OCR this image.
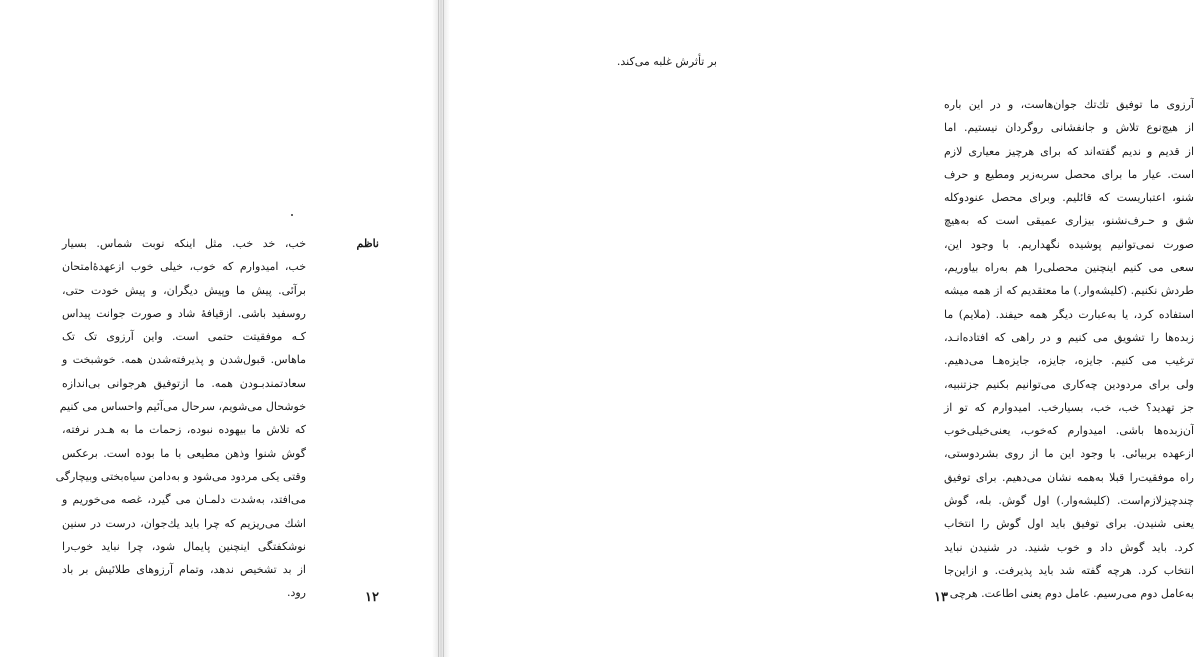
ناظم
خب، خد خب. مثل اینکه نوبت شماس. بسیار
خب، امیدوارم که خوب، خیلی خوب ازعهدۀامتحان
برآئی. پیش ما وپیش دیگران، و پیش خودت حتی،
روسفید باشی. ازقیافۀ شاد و صورت جوانت پیداس
کـه موفقیتت حتمی است. واین آرزوی تک تک
ماهاس. قبول‌شدن و پذیرفته‌شدن همه. خوشبخت و
سعادتمندبـودن همه. ما ازتوفیق هرجوانی بی‌اندازه
خوشحال می‌شویم، سرحال می‌آئیم واحساس می کنیم
که تلاش ما بیهوده نبوده، زحمات ما به هـدر نرفته،
گوش شنوا وذهن مطیعی با ما بوده است. برعکس
وقتی یکی مردود می‌شود و به‌دامن سیاه‌بختی وبیچارگی
می‌افتد، به‌شدت دلمـان می گیرد، غصه می‌خوریم و
اشك می‌ریزیم که چرا باید یك‌جوان، درست در سنین
نوشکفتگی اینچنین پایمال شود، چرا نباید خوب‌را
از بد تشخیص ندهد، وتمام آرزوهای طلائیش بر باد
رود.	۱۲
بر تأثرش غلبه می‌کند.
آرزوی ما توفیق تك‌تك جوان‌هاست، و در این باره
از هیچ‌نوع تلاش و جانفشانی روگردان نیستیم. اما
از قدیم و ندیم گفته‌اند که برای هرچیز معیاری لازم
است. عیار ما برای محصل سربه‌زیر ومطیع و حرف
شنو، اعتباریست که قائلیم. وبرای محصل عنودوکله
شق و حـرف‌نشنو، بیزاری عمیقی است که به‌هیچ
صورت نمی‌توانیم پوشیده نگهداریم. با وجود این،
سعی می کنیم اینچنین محصلی‌را هم به‌راه بیاوریم،
طردش نکنیم. (کلیشه‌وار.) ما معتقدیم که از همه میشه
استفاده کرد، یا به‌عبارت دیگر همه حیفند. (ملایم) ما
زبده‌ها را تشویق می کنیم و در راهی که افتاده‌انـد،
ترغیب می کنیم. جایزه، جایزه، جایزه‌هـا می‌دهیم.
ولی برای مردودین چه‌کاری می‌توانیم بکنیم جزتنبیه،
جز تهدید؟ خب، خب، بسیارخب. امیدوارم که تو از
آن‌زبده‌ها باشی. امیدوارم که‌خوب، یعنی‌خیلی‌خوب
ازعهده بربیائی. با وجود این ما از روی بشردوستی،
راه موفقیت‌را قبلا به‌همه نشان می‌دهیم. برای توفیق
چندچیزلازم‌است. (کلیشه‌وار.) اول گوش. بله، گوش
یعنی شنیدن. برای توفیق باید اول گوش را انتخاب
کرد. باید گوش داد و خوب شنید. در شنیدن نباید
انتخاب کرد. هرچه گفته شد باید پذیرفت. و ازاین‌جا
به‌عامل دوم می‌رسیم. عامل دوم یعنی اطاعت. هرچی
۱۳
